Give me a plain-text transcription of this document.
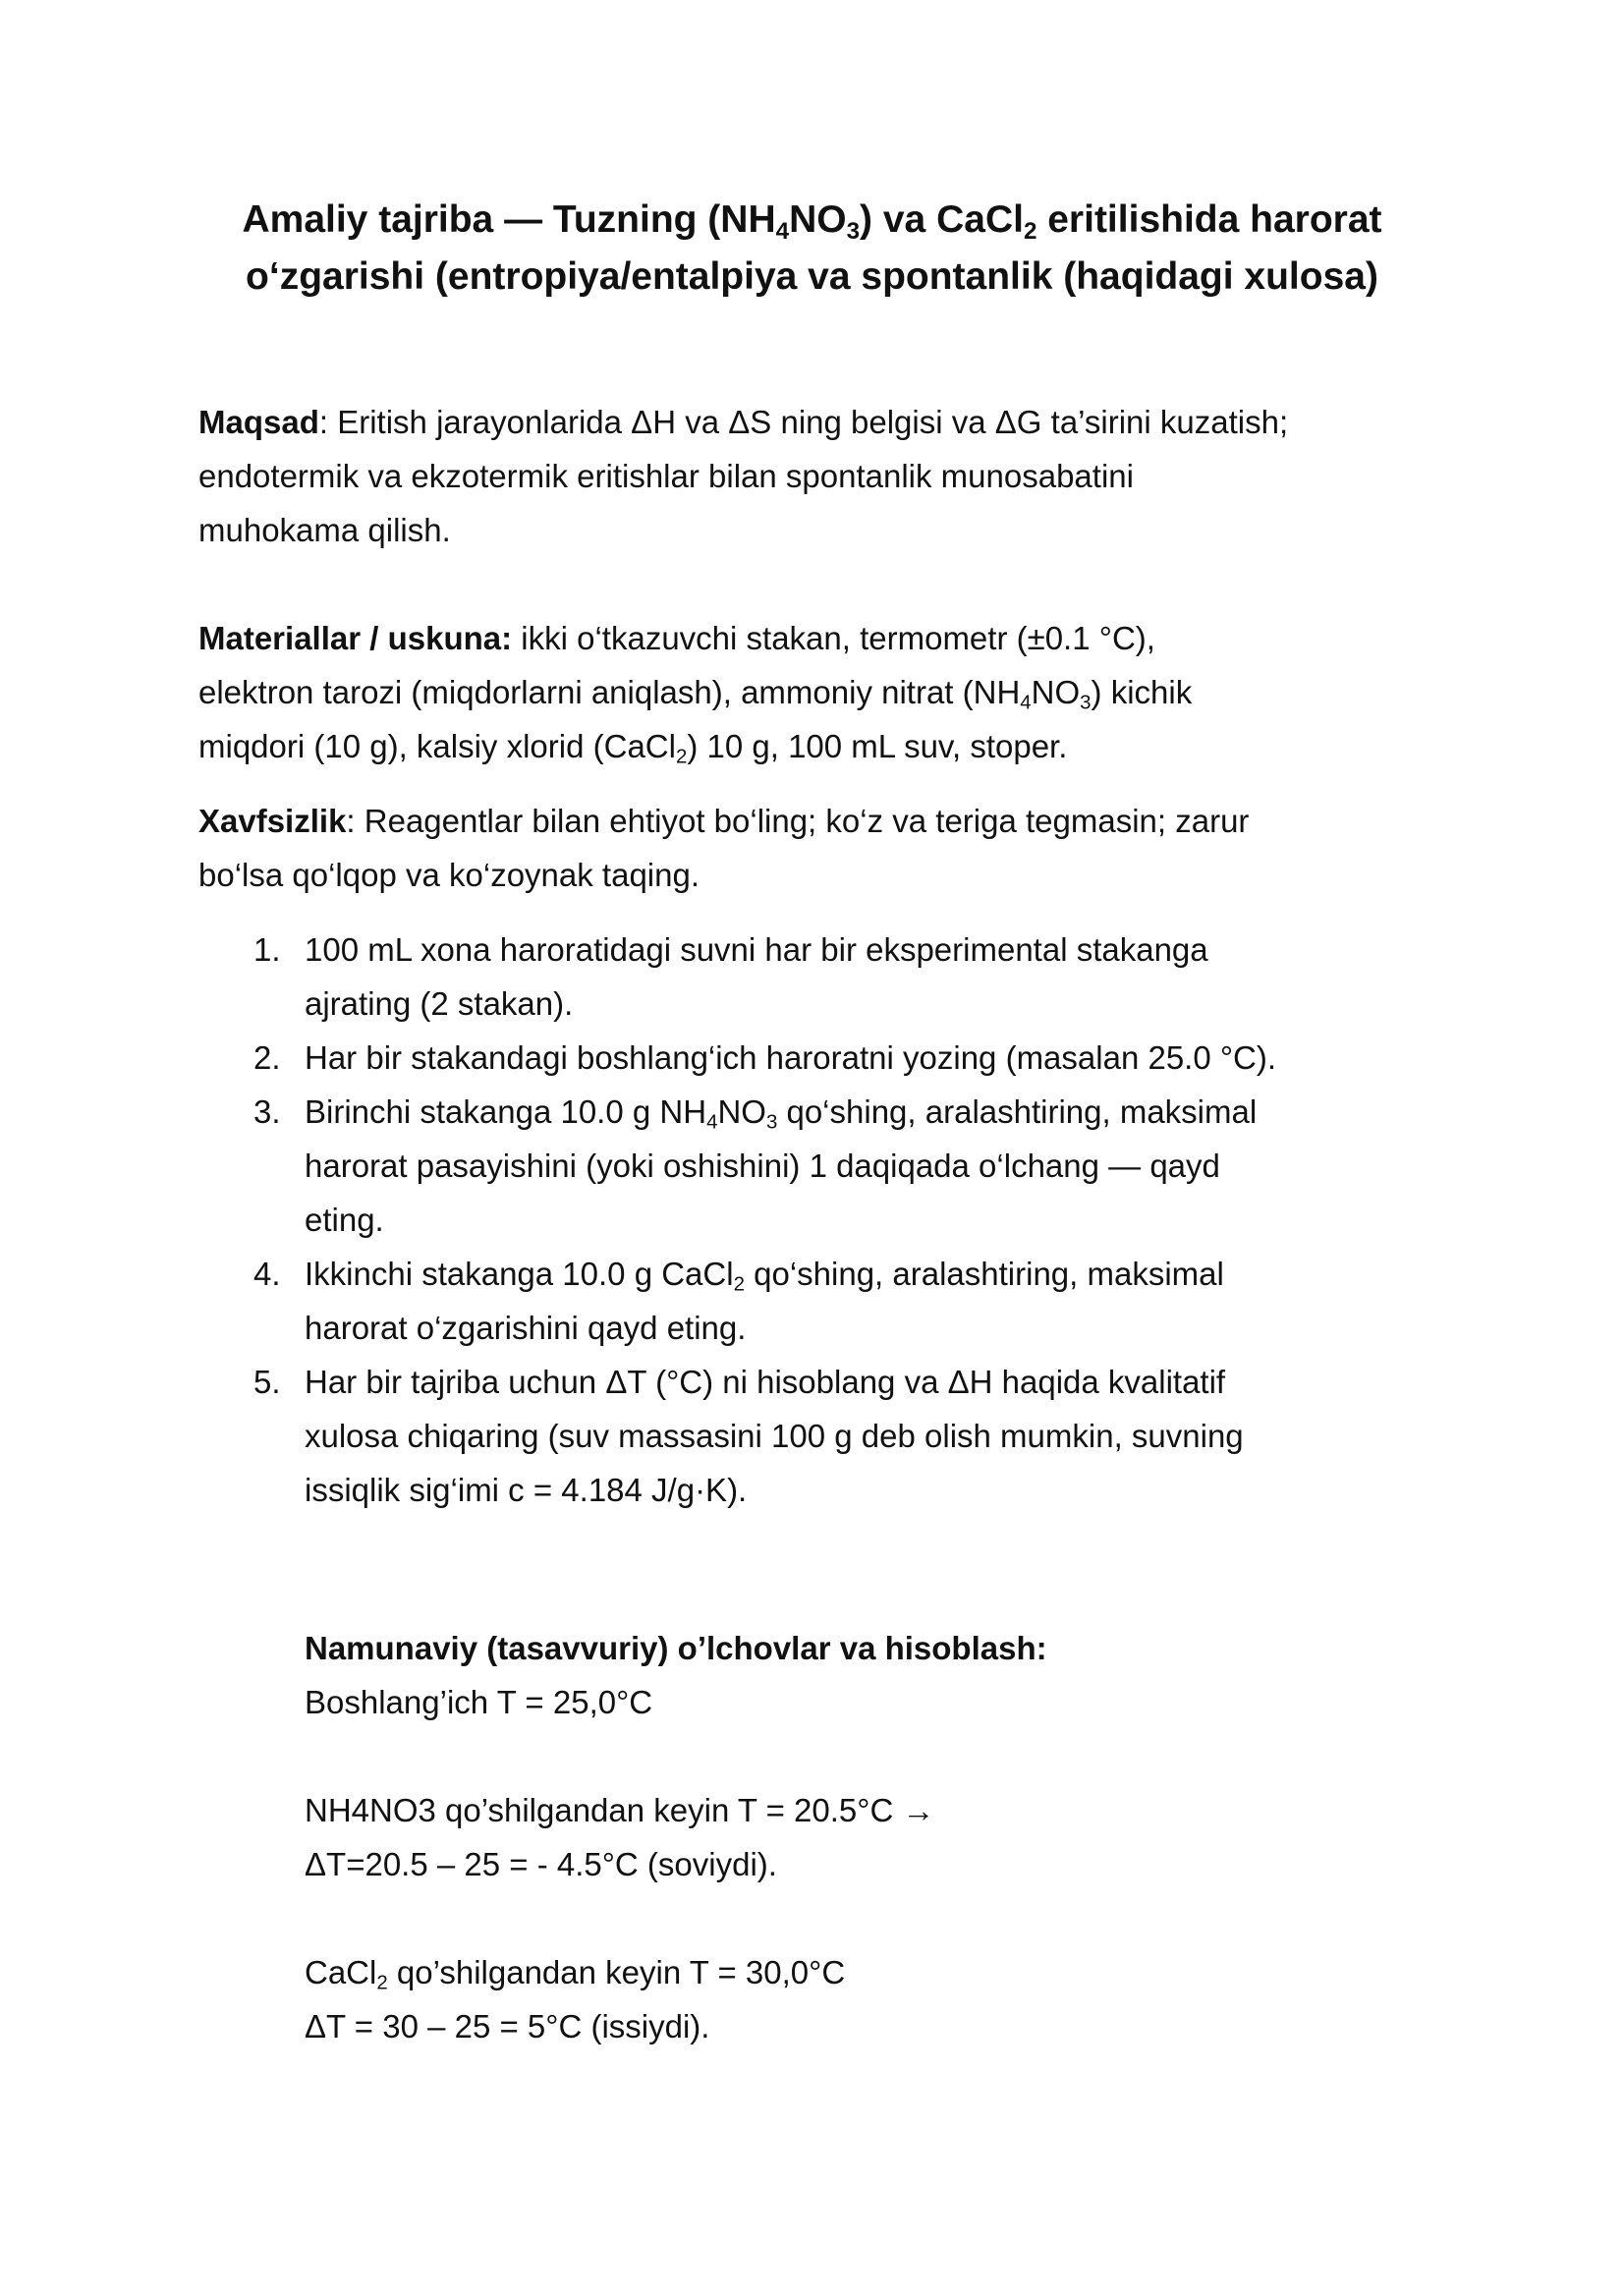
Amaliy tajriba — Tuzning $(NH_4NO_3)$ va CaCl$_2$ eritilishida harorat
o‘zgarishi (entropiya/entalpiya va spontanlik (haqidagi xulosa)
Maqsad: Eritish jarayonlarida ΔH va ΔS ning belgisi va ΔG ta’sirini kuzatish;
endotermik va ekzotermik eritishlar bilan spontanlik munosabatini
muhokama qilish.
Materiallar / uskuna: ikki o‘tkazuvchi stakan, termometr (±0.1 °C),
elektron tarozi (miqdorlarni aniqlash), ammoniy nitrat $(NH_4NO_3)$ kichik
miqdori (10 g), kalsiy xlorid (CaCl$_2$) 10 g, 100 mL suv, stoper.
Xavfsizlik: Reagentlar bilan ehtiyot bo‘ling; ko‘z va teriga tegmasin; zarur
bo‘lsa qo‘lqop va ko‘zoynak taqing.
1. 100 mL xona haroratidagi suvni har bir eksperimental stakanga
ajrating (2 stakan).
2. Har bir stakandagi boshlang‘ich haroratni yozing (masalan 25.0 °C).
3. Birinchi stakanga 10.0 g $NH_4NO_3$ qo‘shing, aralashtiring, maksimal
harorat pasayishini (yoki oshishini) 1 daqiqada o‘lchang — qayd
eting.
4. Ikkinchi stakanga 10.0 g CaCl$_2$ qo‘shing, aralashtiring, maksimal
harorat o‘zgarishini qayd eting.
5. Har bir tajriba uchun ΔT (°C) ni hisoblang va ΔH haqida kvalitatif
xulosa chiqaring (suv massasini 100 g deb olish mumkin, suvning
issiqlik sig‘imi c = 4.184 J/g·K).
Namunaviy (tasavvuriy) o’lchovlar va hisoblash:
Boshlang’ich T = 25,0°C
NH4NO3 qo’shilgandan keyin T = 20.5°C →
ΔT=20.5 – 25 = - 4.5°C (soviydi).
CaCl$_2$ qo’shilgandan keyin T = 30,0°C
ΔT = 30 – 25 = 5°C (issiydi).
